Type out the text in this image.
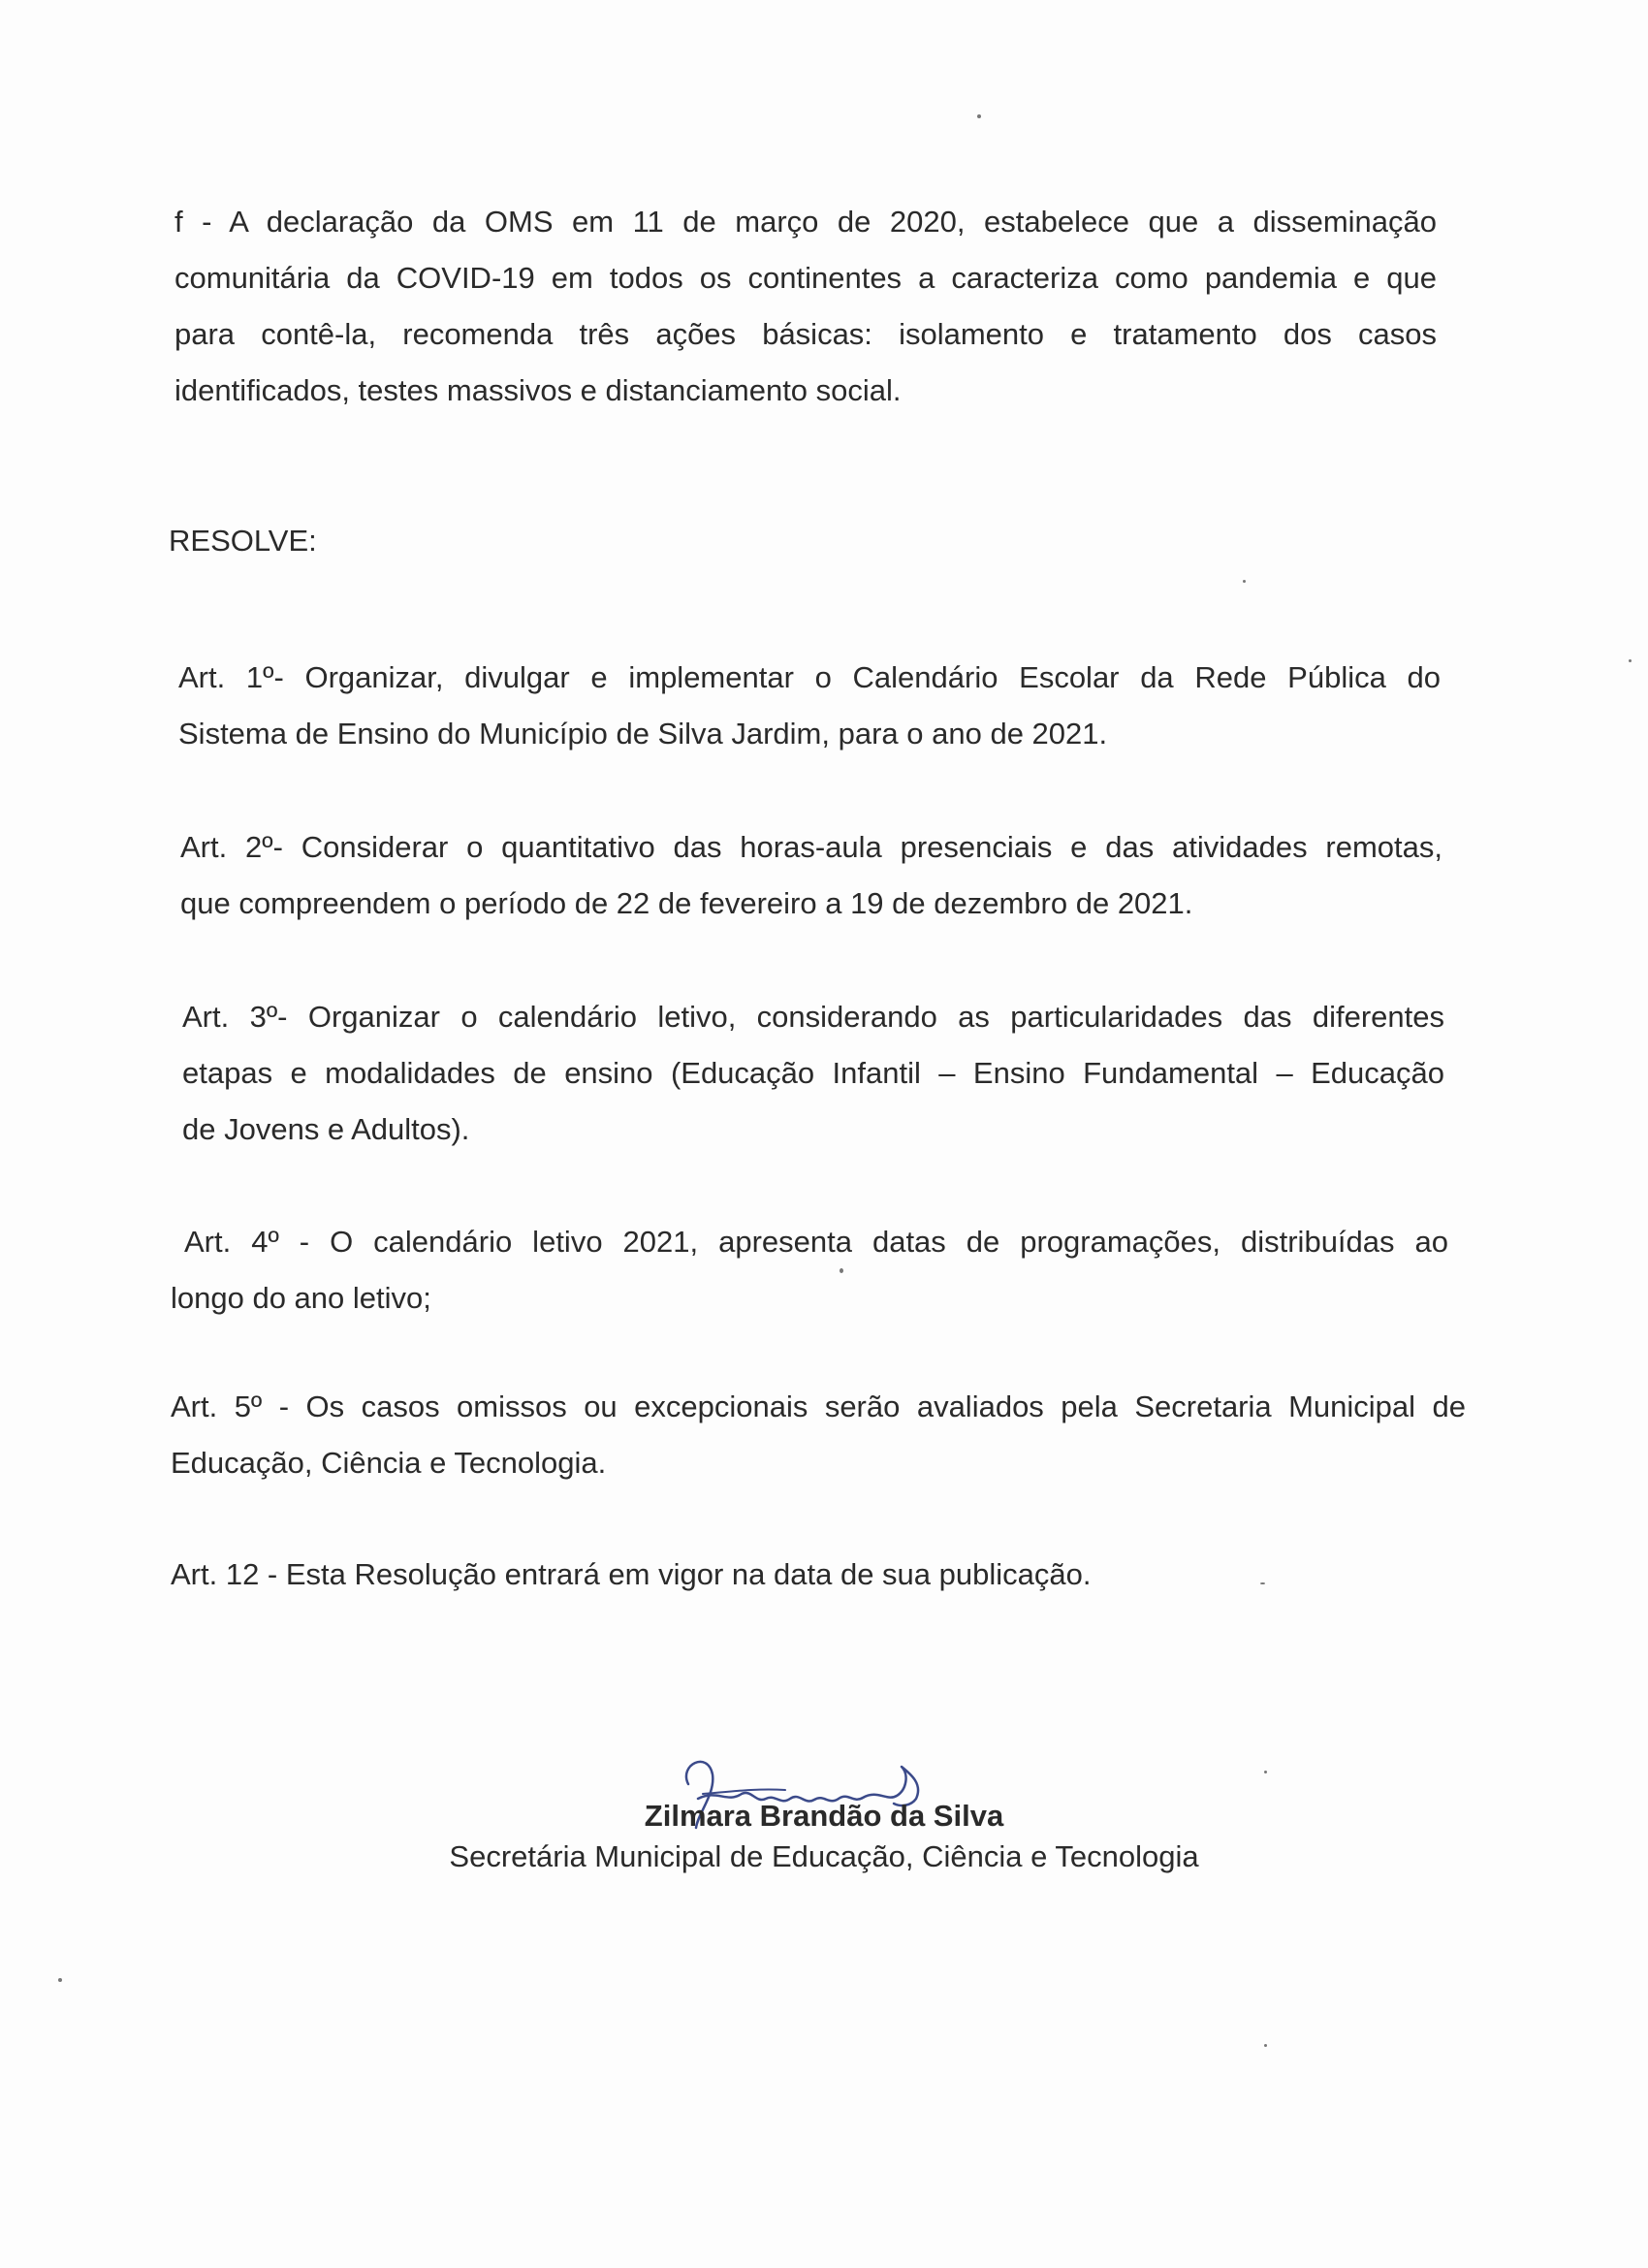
f - A declaração da OMS em 11 de março de 2020, estabelece que a disseminação
comunitária da COVID-19 em todos os continentes a caracteriza como pandemia e que
para contê-la, recomenda três ações básicas: isolamento e tratamento dos casos
identificados, testes massivos e distanciamento social.

RESOLVE:

Art. 1º- Organizar, divulgar e implementar o Calendário Escolar da Rede Pública do
Sistema de Ensino do Município de Silva Jardim, para o ano de 2021.
Art. 2º- Considerar o quantitativo das horas-aula presenciais e das atividades remotas,
que compreendem o período de 22 de fevereiro a 19 de dezembro de 2021.
Art. 3º- Organizar o calendário letivo, considerando as particularidades das diferentes
etapas e modalidades de ensino (Educação Infantil – Ensino Fundamental – Educação
de Jovens e Adultos).
Art. 4º - O calendário letivo 2021, apresenta datas de programações, distribuídas ao
longo do ano letivo;
Art. 5º - Os casos omissos ou excepcionais serão avaliados pela Secretaria Municipal de
Educação, Ciência e Tecnologia.
Art. 12 - Esta Resolução entrará em vigor na data de sua publicação.
Zilmara Brandão da Silva
Secretária Municipal de Educação, Ciência e Tecnologia
